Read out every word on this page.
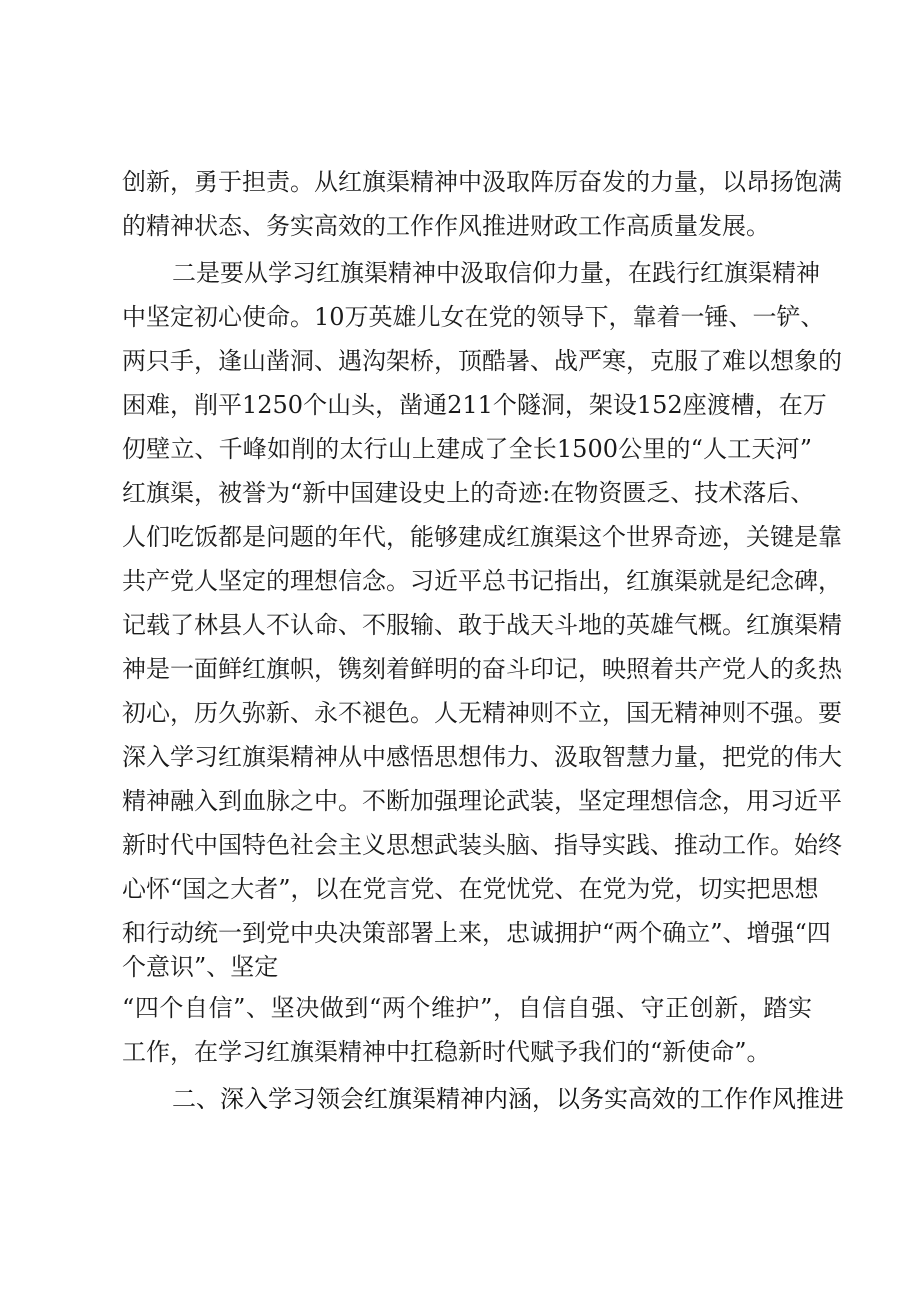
创新，勇于担责。从红旗渠精神中汲取阵厉奋发的力量，以昂扬饱满
的精神状态、务实高效的工作作风推进财政工作高质量发展。
二是要从学习红旗渠精神中汲取信仰力量，在践行红旗渠精神
中坚定初心使命。10万英雄儿女在党的领导下，靠着一锤、一铲、
两只手，逢山凿洞、遇沟架桥，顶酷暑、战严寒，克服了难以想象的
困难，削平1250个山头，凿通211个隧洞，架设152座渡槽，在万
仞壁立、千峰如削的太行山上建成了全长1500公里的“人工天河”
红旗渠，被誉为“新中国建设史上的奇迹:在物资匮乏、技术落后、
人们吃饭都是问题的年代，能够建成红旗渠这个世界奇迹，关键是靠
共产党人坚定的理想信念。习近平总书记指出，红旗渠就是纪念碑，
记载了林县人不认命、不服输、敢于战天斗地的英雄气概。红旗渠精
神是一面鲜红旗帜，镌刻着鲜明的奋斗印记，映照着共产党人的炙热
初心，历久弥新、永不褪色。人无精神则不立，国无精神则不强。要
深入学习红旗渠精神从中感悟思想伟力、汲取智慧力量，把党的伟大
精神融入到血脉之中。不断加强理论武装，坚定理想信念，用习近平
新时代中国特色社会主义思想武装头脑、指导实践、推动工作。始终
心怀“国之大者”，以在党言党、在党忧党、在党为党，切实把思想
和行动统一到党中央决策部署上来，忠诚拥护“两个确立”、增强“四
个意识”、坚定
“四个自信”、坚决做到“两个维护”，自信自强、守正创新，踏实
工作，在学习红旗渠精神中扛稳新时代赋予我们的“新使命”。
二、深入学习领会红旗渠精神内涵，以务实高效的工作作风推进
